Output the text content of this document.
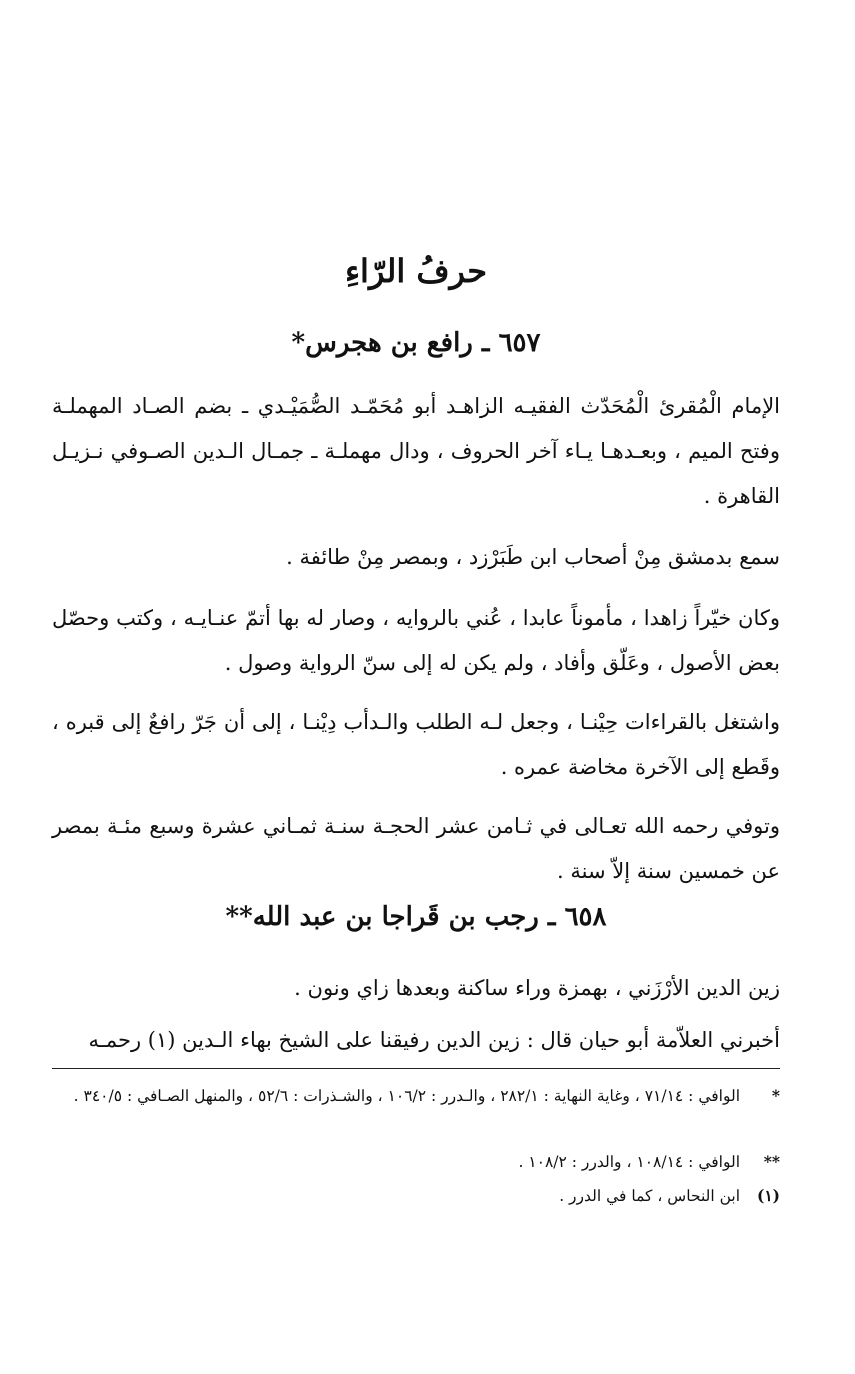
حرفُ الرّاءِ
٦٥٧ ـ رافع بن هجرس*

الإمام الْمُقرئ الْمُحَدّث الفقيـه الزاهـد أبو مُحَمّـد الصُّمَيْـدي ـ بضم الصـاد المهملـة وفتح الميم ، وبعـدهـا يـاء آخر الحروف ، ودال مهملـة ـ جمـال الـدين الصـوفي نـزيـل القاهرة .

سمع بدمشق مِنْ أصحاب ابن طَبَرْزد ، وبمصر مِنْ طائفة .

وكان خيّراً زاهدا ، مأموناً عابدا ، عُني بالروايه ، وصار له بها أتمّ عنـايـه ، وكتب وحصّل بعض الأصول ، وعَلّق وأفاد ، ولم يكن له إلى سنّ الرواية وصول .

واشتغل بالقراءات حِيْنـا ، وجعل لـه الطلب والـدأب دِيْنـا ، إلى أن جَرّ رافعٌ إلى قبره ، وقَطع إلى الآخرة مخاضة عمره .

وتوفي رحمه الله تعـالى في ثـامن عشر الحجـة سنـة ثمـاني عشرة وسبع مئـة بمصر عن خمسين سنة إلاّ سنة .

٦٥٨ ـ رجب بن قَراجا بن عبد الله**

زين الدين الأرْزَني ، بهمزة وراء ساكنة وبعدها زاي ونون .

أخبرني العلاّمة أبو حيان قال : زين الدين رفيقنا على الشيخ بهاء الـدين (١) رحمـه

*
الوافي : ٧١/١٤ ، وغاية النهاية : ٢٨٢/١ ، والـدرر : ١٠٦/٢ ، والشـذرات : ٥٢/٦ ، والمنهل الصـافي : ٣٤٠/٥ .
**
الوافي : ١٠٨/١٤ ، والدرر : ١٠٨/٢ .
(١)
ابن النحاس ، كما في الدرر .
